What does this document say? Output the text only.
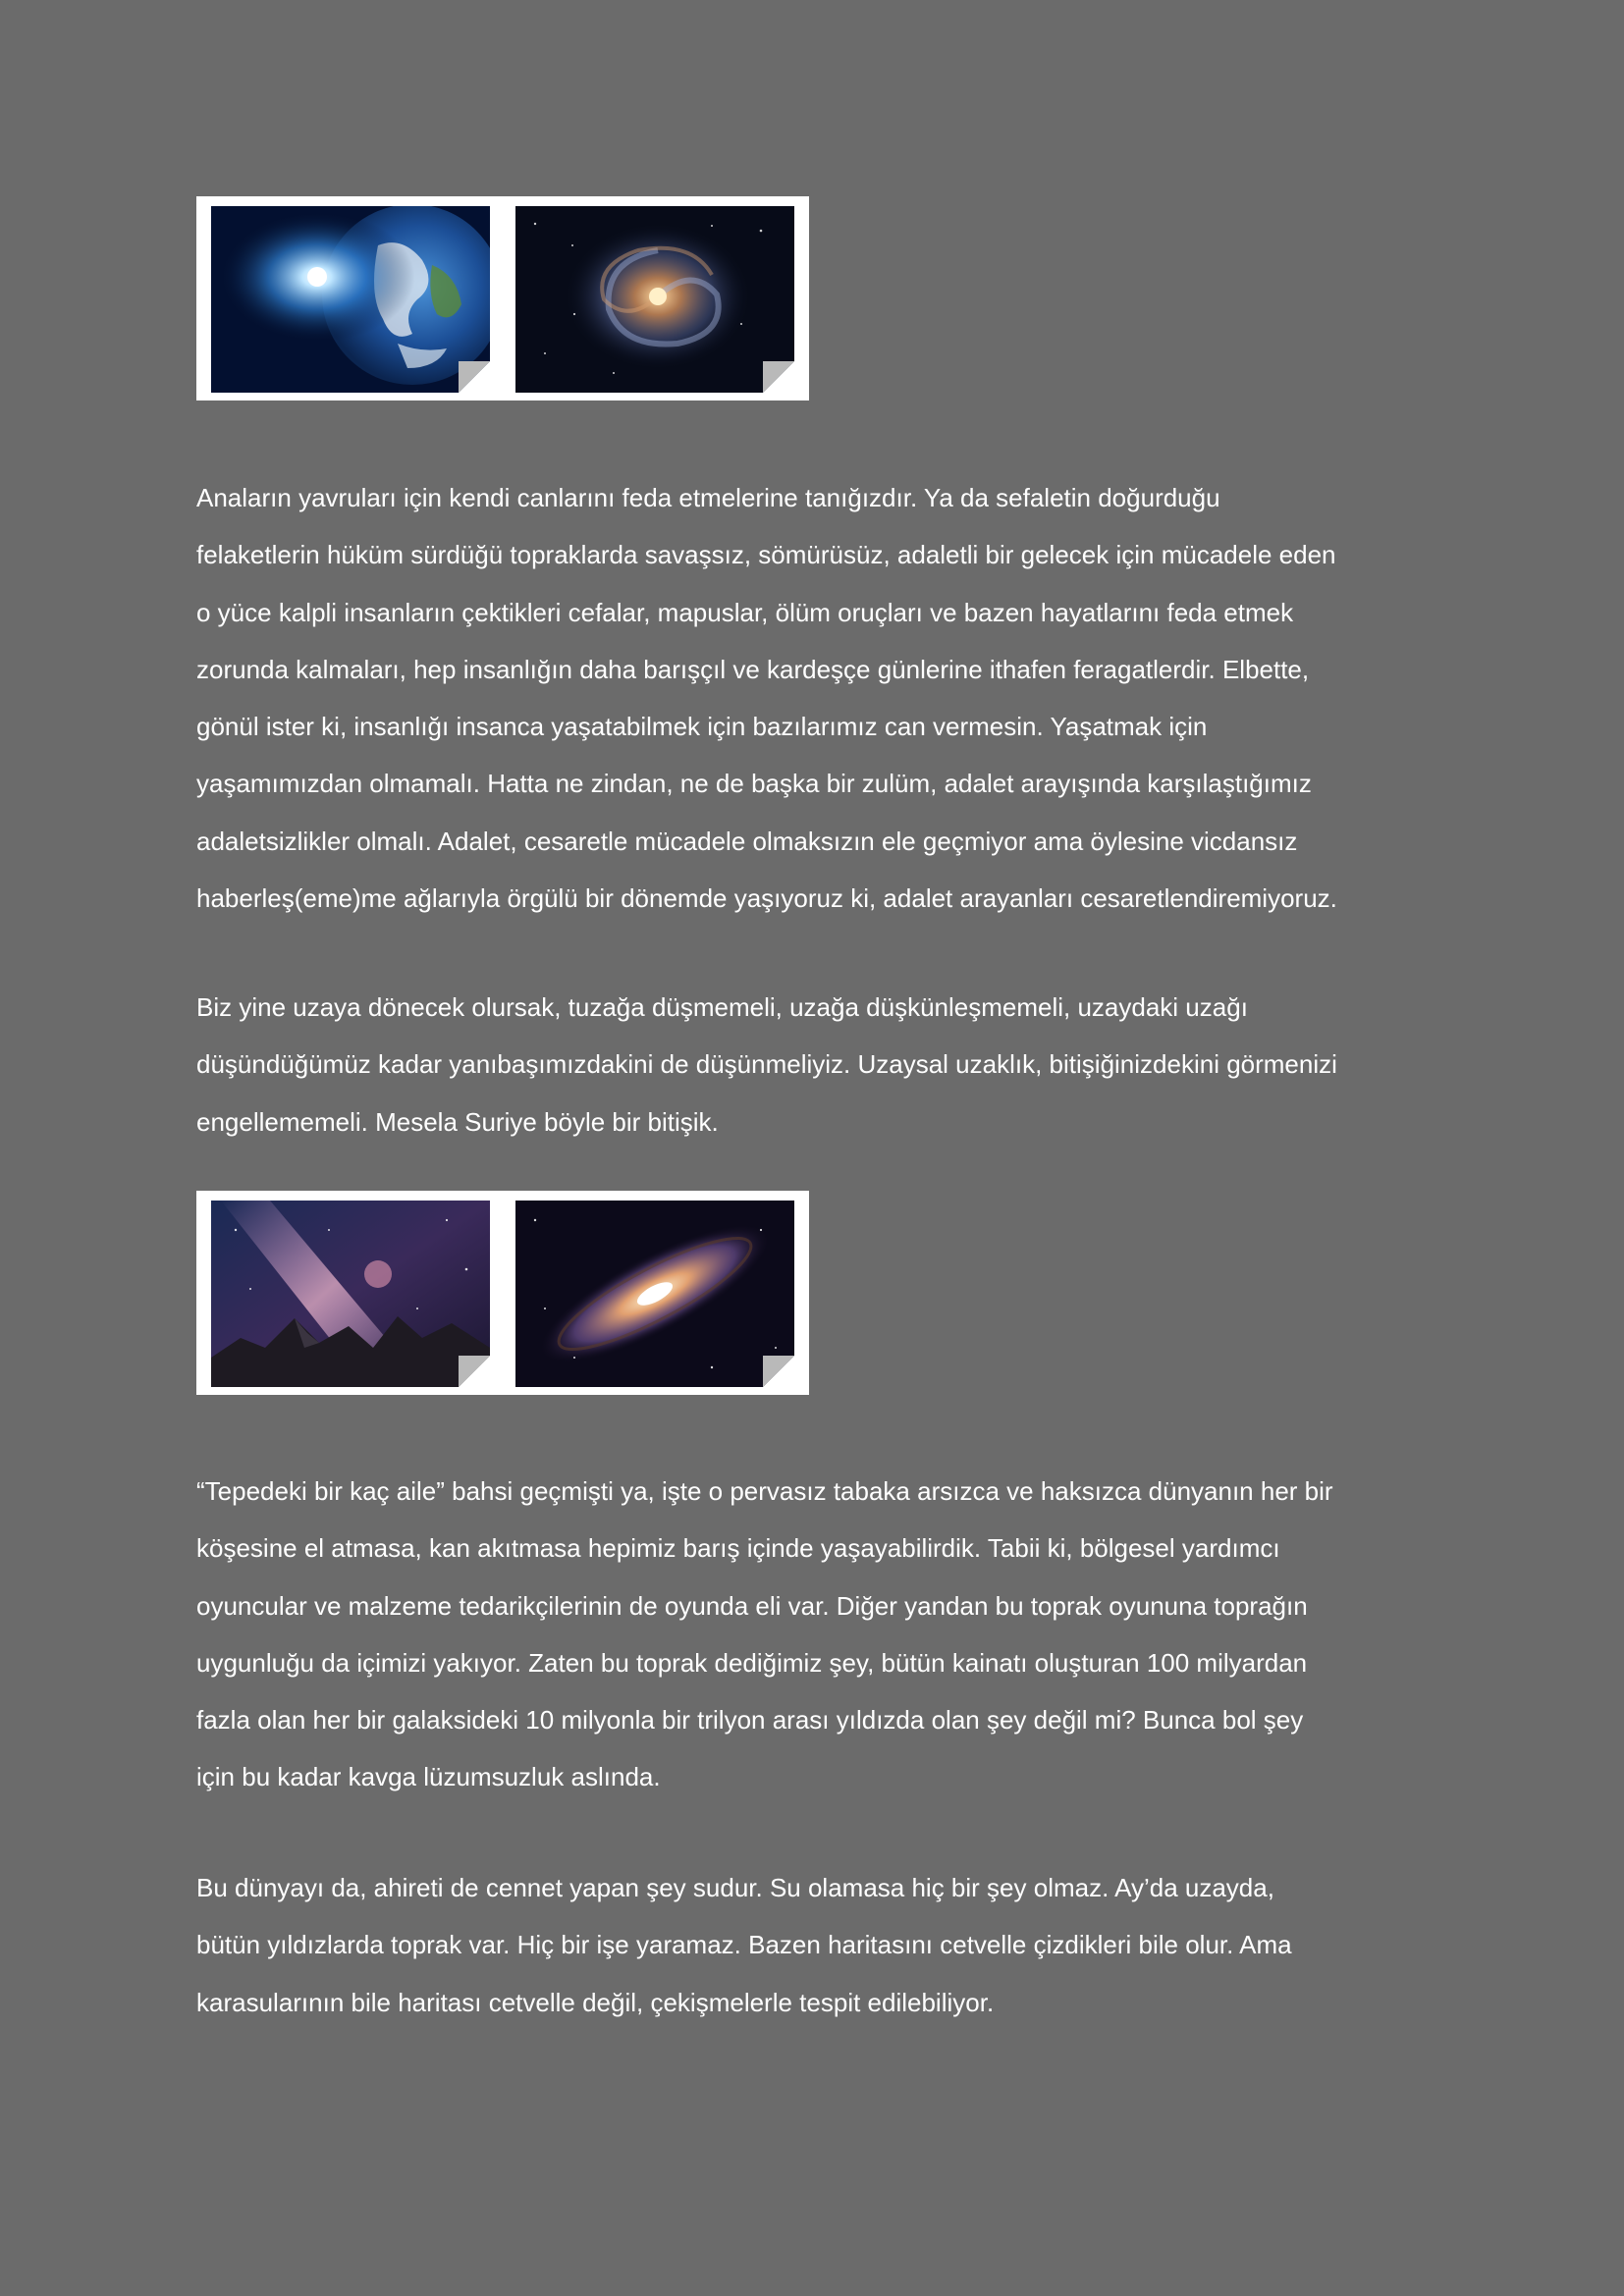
Anaların yavruları için kendi canlarını feda etmelerine tanığızdır. Ya da sefaletin doğurduğu
felaketlerin hüküm sürdüğü topraklarda savaşsız, sömürüsüz, adaletli bir gelecek için mücadele eden
o yüce kalpli insanların çektikleri cefalar, mapuslar, ölüm oruçları ve bazen hayatlarını feda etmek
zorunda kalmaları, hep insanlığın daha barışçıl ve kardeşçe günlerine ithafen feragatlerdir. Elbette,
gönül ister ki, insanlığı insanca yaşatabilmek için bazılarımız can vermesin. Yaşatmak için
yaşamımızdan olmamalı. Hatta ne zindan, ne de başka bir zulüm, adalet arayışında karşılaştığımız
adaletsizlikler olmalı. Adalet, cesaretle mücadele olmaksızın ele geçmiyor ama öylesine vicdansız
haberleş(eme)me ağlarıyla örgülü bir dönemde yaşıyoruz ki, adalet arayanları cesaretlendiremiyoruz.

Biz yine uzaya dönecek olursak, tuzağa düşmemeli, uzağa düşkünleşmemeli, uzaydaki uzağı
düşündüğümüz kadar yanıbaşımızdakini de düşünmeliyiz. Uzaysal uzaklık, bitişiğinizdekini görmenizi
engellememeli. Mesela Suriye böyle bir bitişik.

“Tepedeki bir kaç aile” bahsi geçmişti ya, işte o pervasız tabaka arsızca ve haksızca dünyanın her bir
köşesine el atmasa, kan akıtmasa hepimiz barış içinde yaşayabilirdik. Tabii ki, bölgesel yardımcı
oyuncular ve malzeme tedarikçilerinin de oyunda eli var. Diğer yandan bu toprak oyununa toprağın
uygunluğu da içimizi yakıyor. Zaten bu toprak dediğimiz şey, bütün kainatı oluşturan 100 milyardan
fazla olan her bir galaksideki 10 milyonla bir trilyon arası yıldızda olan şey değil mi? Bunca bol şey
için bu kadar kavga lüzumsuzluk aslında.

Bu dünyayı da, ahireti de cennet yapan şey sudur. Su olamasa hiç bir şey olmaz. Ay’da uzayda,
bütün yıldızlarda toprak var. Hiç bir işe yaramaz. Bazen haritasını cetvelle çizdikleri bile olur. Ama
karasularının bile haritası cetvelle değil, çekişmelerle tespit edilebiliyor.
